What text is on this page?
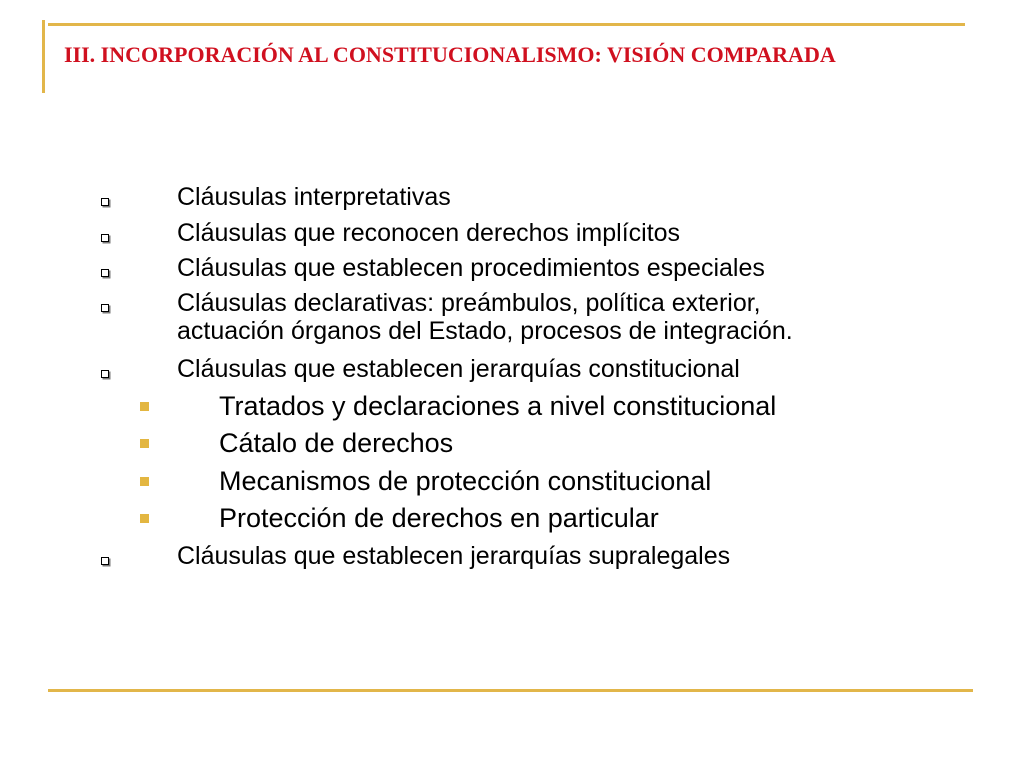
III. INCORPORACIÓN AL CONSTITUCIONALISMO: VISIÓN COMPARADA
Cláusulas interpretativas
Cláusulas que reconocen derechos implícitos
Cláusulas que establecen procedimientos especiales
Cláusulas declarativas: preámbulos, política exterior,
actuación órganos del Estado, procesos de integración.
Cláusulas que establecen jerarquías constitucional
Tratados y declaraciones a nivel constitucional
Cátalo de derechos
Mecanismos de protección constitucional
Protección de derechos en particular
Cláusulas que establecen jerarquías supralegales
